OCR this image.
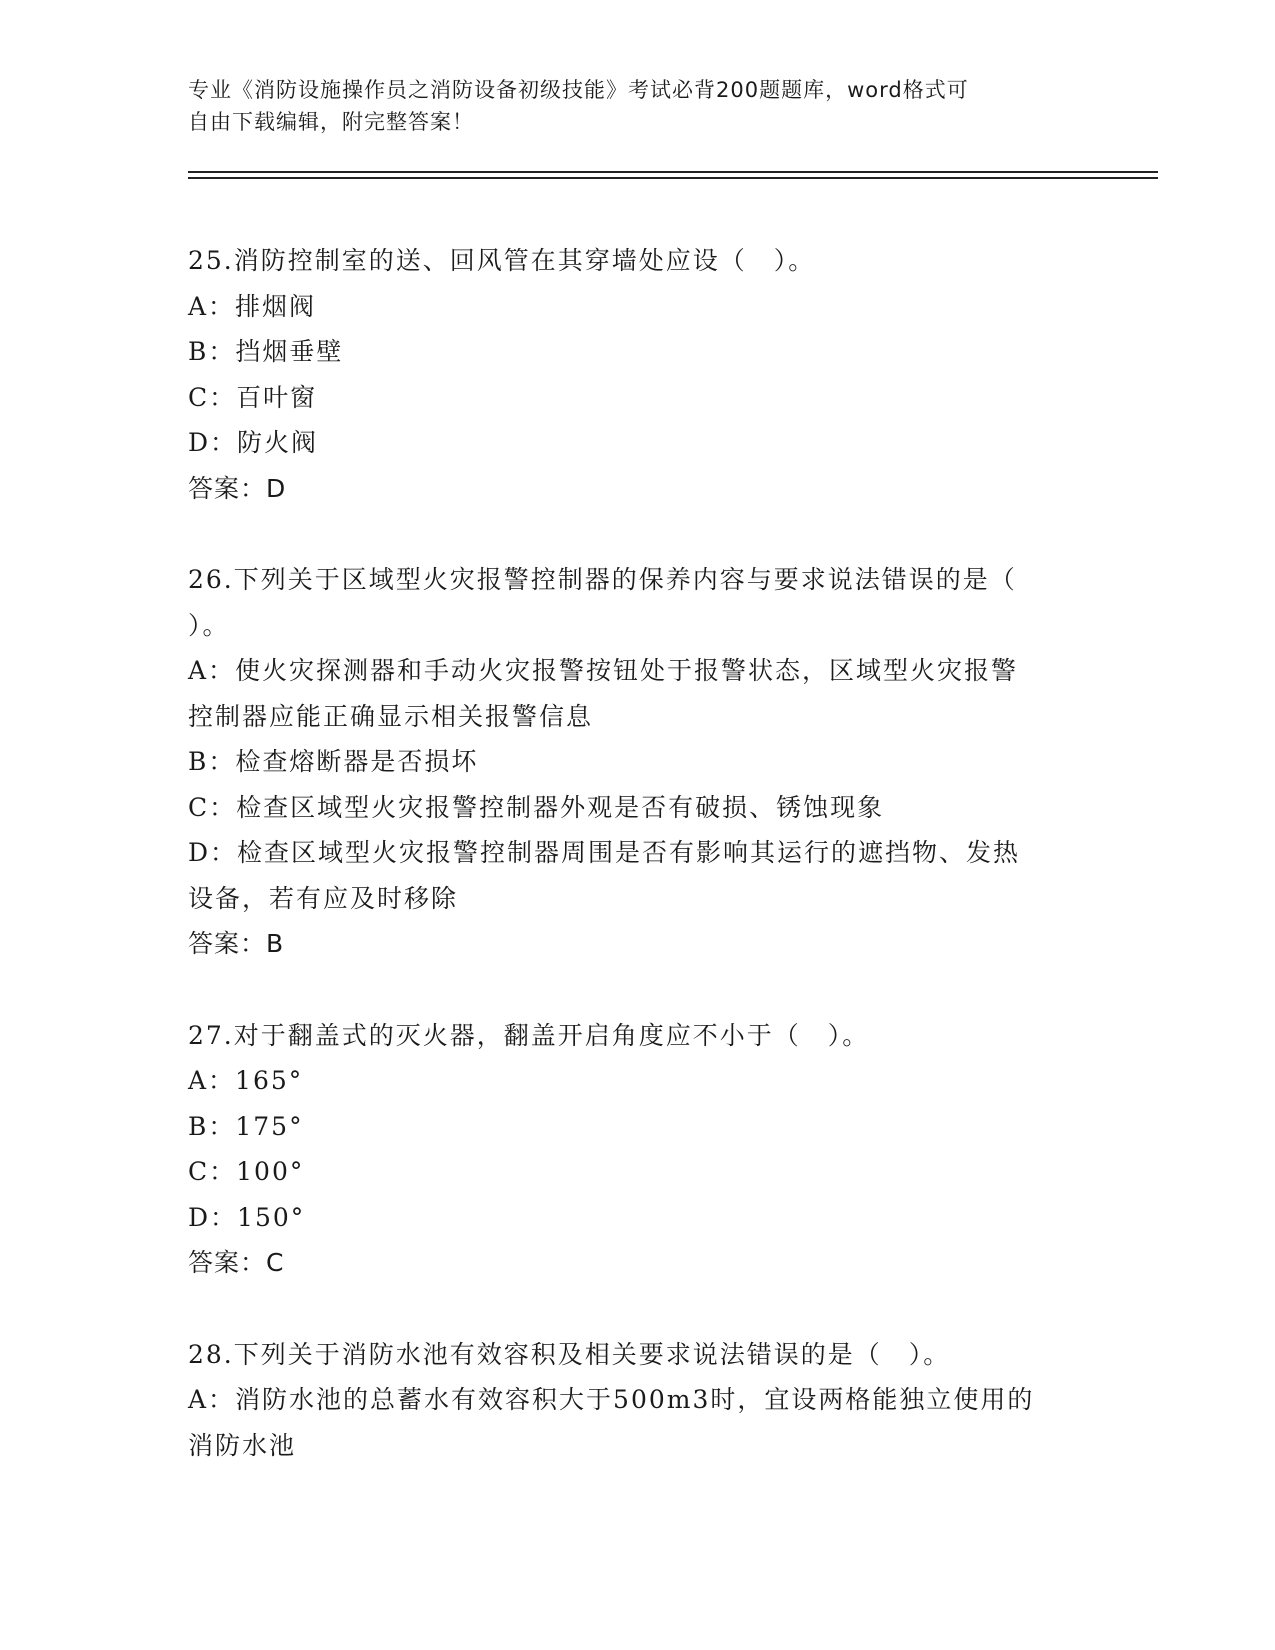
专业《消防设施操作员之消防设备初级技能》考试必背200题题库，word格式可
自由下载编辑，附完整答案！
25.消防控制室的送、回风管在其穿墙处应设（　）。
A：排烟阀
B：挡烟垂壁
C：百叶窗
D：防火阀
答案：D
26.下列关于区域型火灾报警控制器的保养内容与要求说法错误的是（
）。
A：使火灾探测器和手动火灾报警按钮处于报警状态，区域型火灾报警
控制器应能正确显示相关报警信息
B：检查熔断器是否损坏
C：检查区域型火灾报警控制器外观是否有破损、锈蚀现象
D：检查区域型火灾报警控制器周围是否有影响其运行的遮挡物、发热
设备，若有应及时移除
答案：B
27.对于翻盖式的灭火器，翻盖开启角度应不小于（　）。
A：165°
B：175°
C：100°
D：150°
答案：C
28.下列关于消防水池有效容积及相关要求说法错误的是（　）。
A：消防水池的总蓄水有效容积大于500m3时，宜设两格能独立使用的
消防水池
